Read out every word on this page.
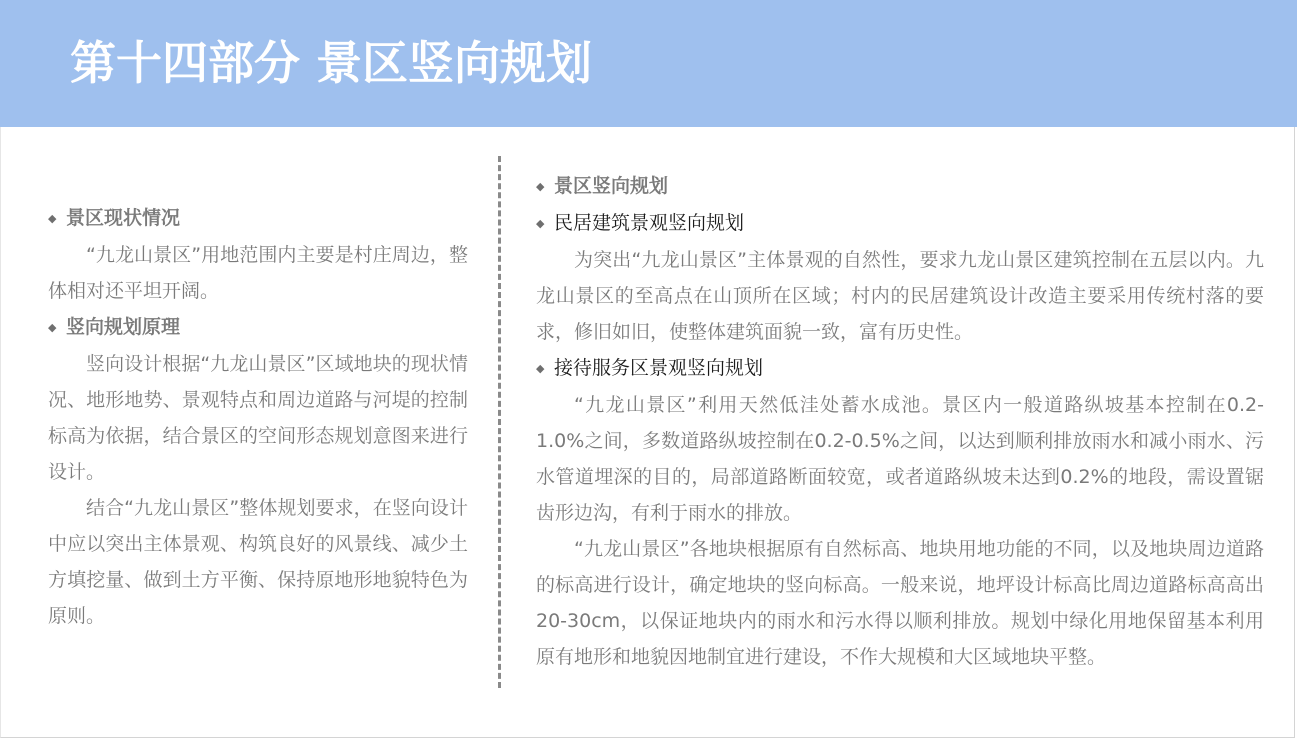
第十四部分 景区竖向规划

◆ 景区现状情况

“九龙山景区”用地范围内主要是村庄周边，整体相对还平坦开阔。

◆ 竖向规划原理

竖向设计根据“九龙山景区”区域地块的现状情况、地形地势、景观特点和周边道路与河堤的控制标高为依据，结合景区的空间形态规划意图来进行设计。

结合“九龙山景区”整体规划要求，在竖向设计中应以突出主体景观、构筑良好的风景线、减少土方填挖量、做到土方平衡、保持原地形地貌特色为原则。

◆ 景区竖向规划

◆ 民居建筑景观竖向规划

为突出“九龙山景区”主体景观的自然性，要求九龙山景区建筑控制在五层以内。九龙山景区的至高点在山顶所在区域；村内的民居建筑设计改造主要采用传统村落的要求，修旧如旧，使整体建筑面貌一致，富有历史性。

◆ 接待服务区景观竖向规划

“九龙山景区”利用天然低洼处蓄水成池。景区内一般道路纵坡基本控制在0.2-1.0%之间，多数道路纵坡控制在0.2-0.5%之间，以达到顺利排放雨水和减小雨水、污水管道埋深的目的，局部道路断面较宽，或者道路纵坡未达到0.2%的地段，需设置锯齿形边沟，有利于雨水的排放。

“九龙山景区”各地块根据原有自然标高、地块用地功能的不同，以及地块周边道路的标高进行设计，确定地块的竖向标高。一般来说，地坪设计标高比周边道路标高高出20-30cm，以保证地块内的雨水和污水得以顺利排放。规划中绿化用地保留基本利用原有地形和地貌因地制宜进行建设，不作大规模和大区域地块平整。
